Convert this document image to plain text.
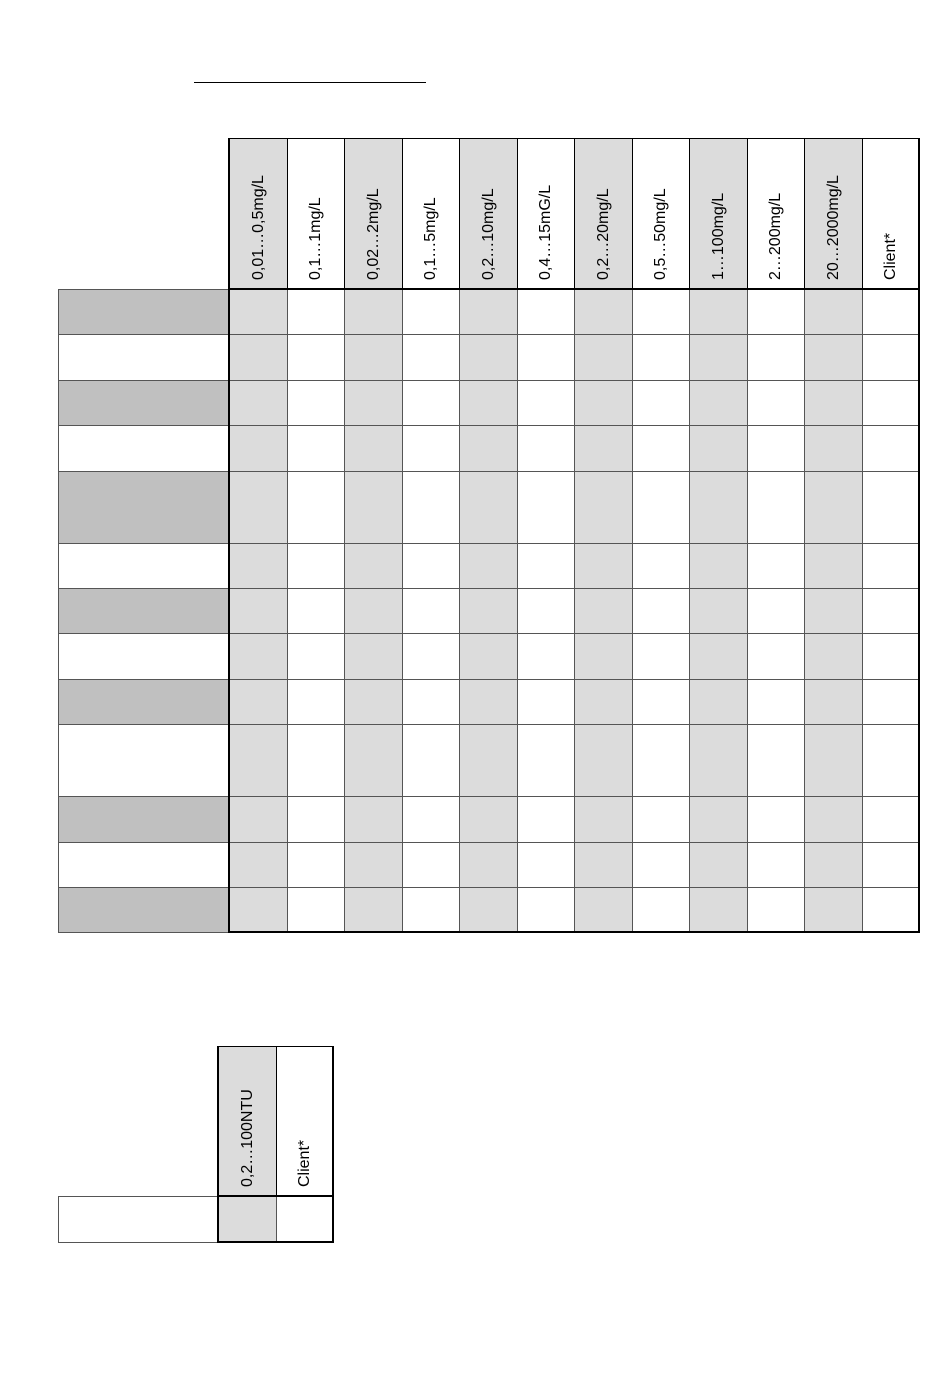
0,01…0,5mg/L	0,1…1mg/L	0,02…2mg/L	0,1…5mg/L	0,2…10mg/L	0,4…15mG/L	0,2…20mg/L	0,5…50mg/L	1…100mg/L	2…200mg/L	20…2000mg/L	Client*
0,2…100NTU	Client*
